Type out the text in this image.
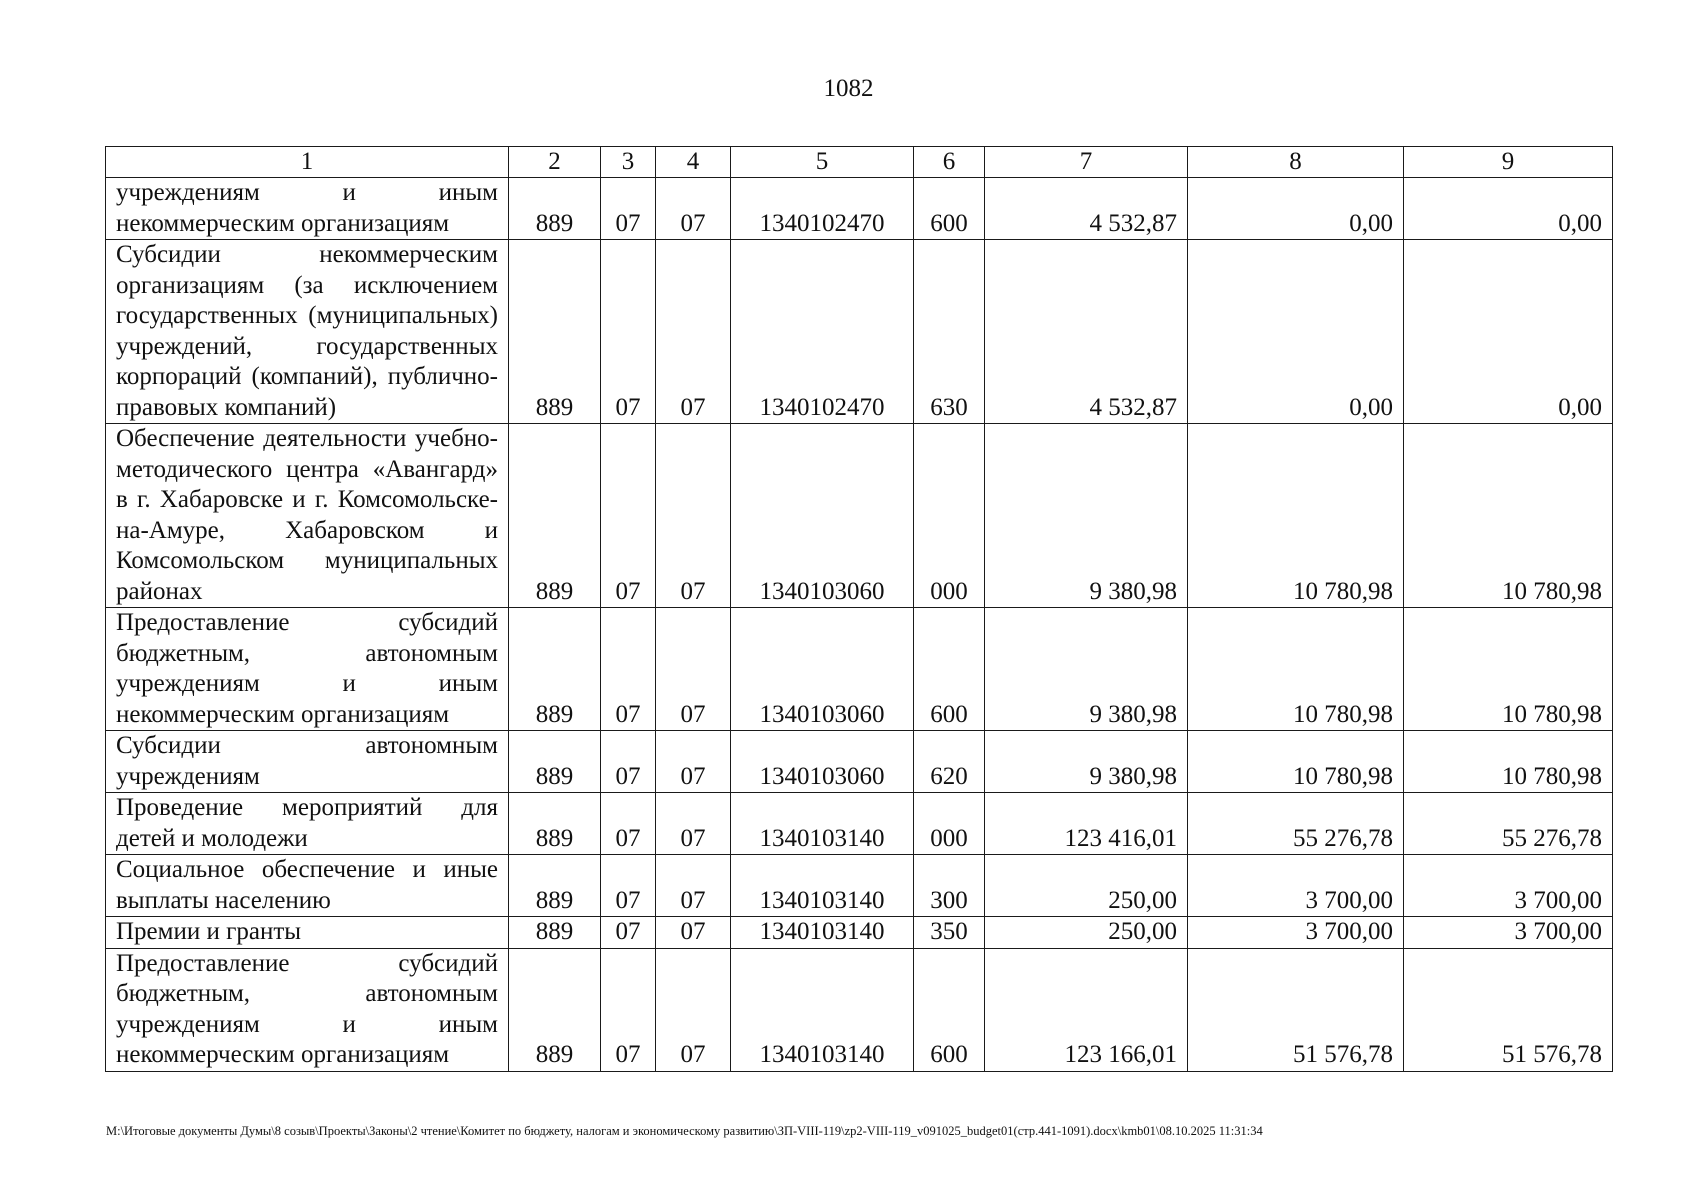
1082
1	2	3	4	5	6	7	8	9
учреждениям и иным некоммерческим организациям	889	07	07	1340102470	600	4 532,87	0,00	0,00
Субсидии некоммерческим организациям (за исключением государственных (муниципальных) учреждений, государственных корпораций (компаний), публично-правовых компаний)	889	07	07	1340102470	630	4 532,87	0,00	0,00
Обеспечение деятельности учебно-методического центра «Авангард» в г. Хабаровске и г. Комсомольске-на-Амуре, Хабаровском и Комсомольском муниципальных районах	889	07	07	1340103060	000	9 380,98	10 780,98	10 780,98
Предоставление субсидий бюджетным, автономным учреждениям и иным некоммерческим организациям	889	07	07	1340103060	600	9 380,98	10 780,98	10 780,98
Субсидии автономным учреждениям	889	07	07	1340103060	620	9 380,98	10 780,98	10 780,98
Проведение мероприятий для детей и молодежи	889	07	07	1340103140	000	123 416,01	55 276,78	55 276,78
Социальное обеспечение и иные выплаты населению	889	07	07	1340103140	300	250,00	3 700,00	3 700,00
Премии и гранты	889	07	07	1340103140	350	250,00	3 700,00	3 700,00
Предоставление субсидий бюджетным, автономным учреждениям и иным некоммерческим организациям	889	07	07	1340103140	600	123 166,01	51 576,78	51 576,78
M:\Итоговые документы Думы\8 созыв\Проекты\Законы\2 чтение\Комитет по бюджету, налогам и экономическому развитию\ЗП-VIII-119\zp2-VIII-119_v091025_budget01(стр.441-1091).docx\kmb01\08.10.2025 11:31:34
